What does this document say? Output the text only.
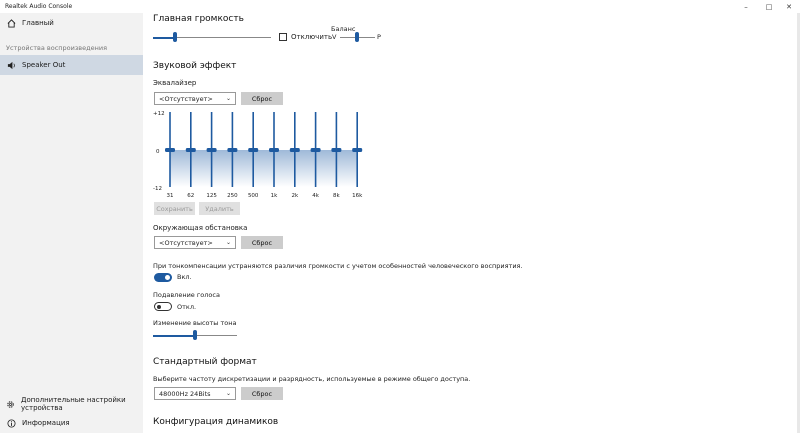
Realtek Audio Console	–	□	✕
Главный
Устройства воспроизведения
Speaker Out
Дополнительные настройки устройства
Информация
Главная громкость
Отключить
Баланс
V	P
Звуковой эффект
Эквалайзер
<Отсутствует> ⌄	Сброс
31	62 125 250 500 1k	2k	4k	8k 16k
+12
0
-12
Сохранить	Удалить
Окружающая обстановка
<Отсутствует> ⌄	Сброс
При тонкомпенсации устраняются различия громкости с учетом особенностей человеческого восприятия.
Вкл.
Подавление голоса
Откл.
Изменение высоты тона
Стандартный формат
Выберите частоту дискретизации и разрядность, используемые в режиме общего доступа.
48000Hz 24Bits	⌄	Сброс
Конфигурация динамиков
